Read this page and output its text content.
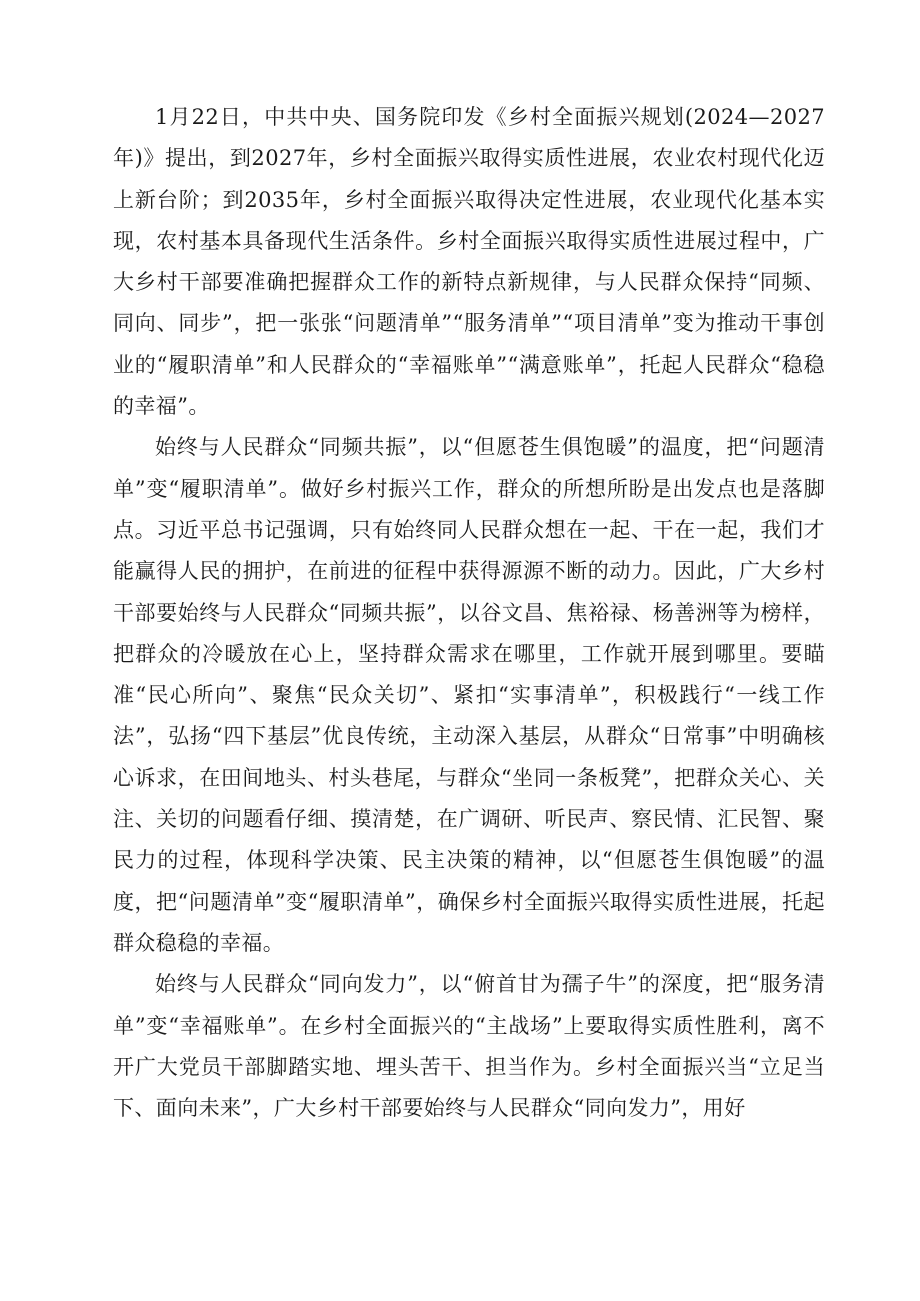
1月22日，中共中央、国务院印发《乡村全面振兴规划(2024—2027年)》提出，到2027年，乡村全面振兴取得实质性进展，农业农村现代化迈上新台阶；到2035年，乡村全面振兴取得决定性进展，农业现代化基本实现，农村基本具备现代生活条件。乡村全面振兴取得实质性进展过程中，广大乡村干部要准确把握群众工作的新特点新规律，与人民群众保持“同频、同向、同步”，把一张张“问题清单”“服务清单”“项目清单”变为推动干事创业的“履职清单”和人民群众的“幸福账单”“满意账单”，托起人民群众“稳稳的幸福”。

始终与人民群众“同频共振”，以“但愿苍生俱饱暖”的温度，把“问题清单”变“履职清单”。做好乡村振兴工作，群众的所想所盼是出发点也是落脚点。习近平总书记强调，只有始终同人民群众想在一起、干在一起，我们才能赢得人民的拥护，在前进的征程中获得源源不断的动力。因此，广大乡村干部要始终与人民群众“同频共振”，以谷文昌、焦裕禄、杨善洲等为榜样，把群众的冷暖放在心上，坚持群众需求在哪里，工作就开展到哪里。要瞄准“民心所向”、聚焦“民众关切”、紧扣“实事清单”，积极践行“一线工作法”，弘扬“四下基层”优良传统，主动深入基层，从群众“日常事”中明确核心诉求，在田间地头、村头巷尾，与群众“坐同一条板凳”，把群众关心、关注、关切的问题看仔细、摸清楚，在广调研、听民声、察民情、汇民智、聚民力的过程，体现科学决策、民主决策的精神，以“但愿苍生俱饱暖”的温度，把“问题清单”变“履职清单”，确保乡村全面振兴取得实质性进展，托起群众稳稳的幸福。

始终与人民群众“同向发力”，以“俯首甘为孺子牛”的深度，把“服务清单”变“幸福账单”。在乡村全面振兴的“主战场”上要取得实质性胜利，离不开广大党员干部脚踏实地、埋头苦干、担当作为。乡村全面振兴当“立足当下、面向未来”，广大乡村干部要始终与人民群众“同向发力”，用好
